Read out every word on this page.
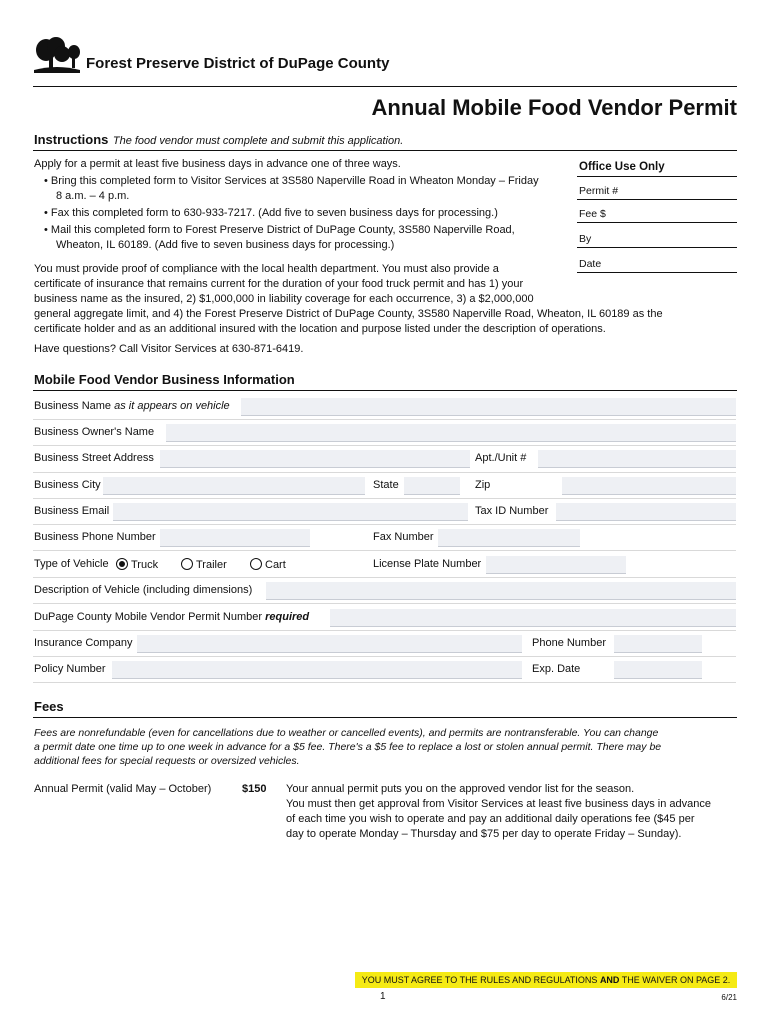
Forest Preserve District of DuPage County
Annual Mobile Food Vendor Permit
Instructions The food vendor must complete and submit this application.
Apply for a permit at least five business days in advance one of three ways.
• Bring this completed form to Visitor Services at 3S580 Naperville Road in Wheaton Monday – Friday
8 a.m. – 4 p.m.
• Fax this completed form to 630-933-7217. (Add five to seven business days for processing.)
• Mail this completed form to Forest Preserve District of DuPage County, 3S580 Naperville Road,
Wheaton, IL 60189. (Add five to seven business days for processing.)
You must provide proof of compliance with the local health department. You must also provide a
certificate of insurance that remains current for the duration of your food truck permit and has 1) your
business name as the insured, 2) $1,000,000 in liability coverage for each occurrence, 3) a $2,000,000
general aggregate limit, and 4) the Forest Preserve District of DuPage County, 3S580 Naperville Road, Wheaton, IL 60189 as the
certificate holder and as an additional insured with the location and purpose listed under the description of operations.
Have questions? Call Visitor Services at 630-871-6419.
Office Use Only
Permit #
Fee $
By
Date
Mobile Food Vendor Business Information
Business Name as it appears on vehicle
Business Owner's Name
Business Street Address	Apt./Unit #
Business City	State	Zip
Business Email	Tax ID Number
Business Phone Number	Fax Number
Type of Vehicle	Truck	Trailer	Cart	License Plate Number
Description of Vehicle (including dimensions)
DuPage County Mobile Vendor Permit Number required
Insurance Company	Phone Number
Policy Number	Exp. Date
Fees
Fees are nonrefundable (even for cancellations due to weather or cancelled events), and permits are nontransferable. You can change
a permit date one time up to one week in advance for a $5 fee. There's a $5 fee to replace a lost or stolen annual permit. There may be
additional fees for special requests or oversized vehicles.
Annual Permit (valid May – October)	$150 Your annual permit puts you on the approved vendor list for the season.
You must then get approval from Visitor Services at least five business days in advance
of each time you wish to operate and pay an additional daily operations fee ($45 per
day to operate Monday – Thursday and $75 per day to operate Friday – Sunday).
YOU MUST AGREE TO THE RULES AND REGULATIONS AND THE WAIVER ON PAGE 2.
1	6/21
